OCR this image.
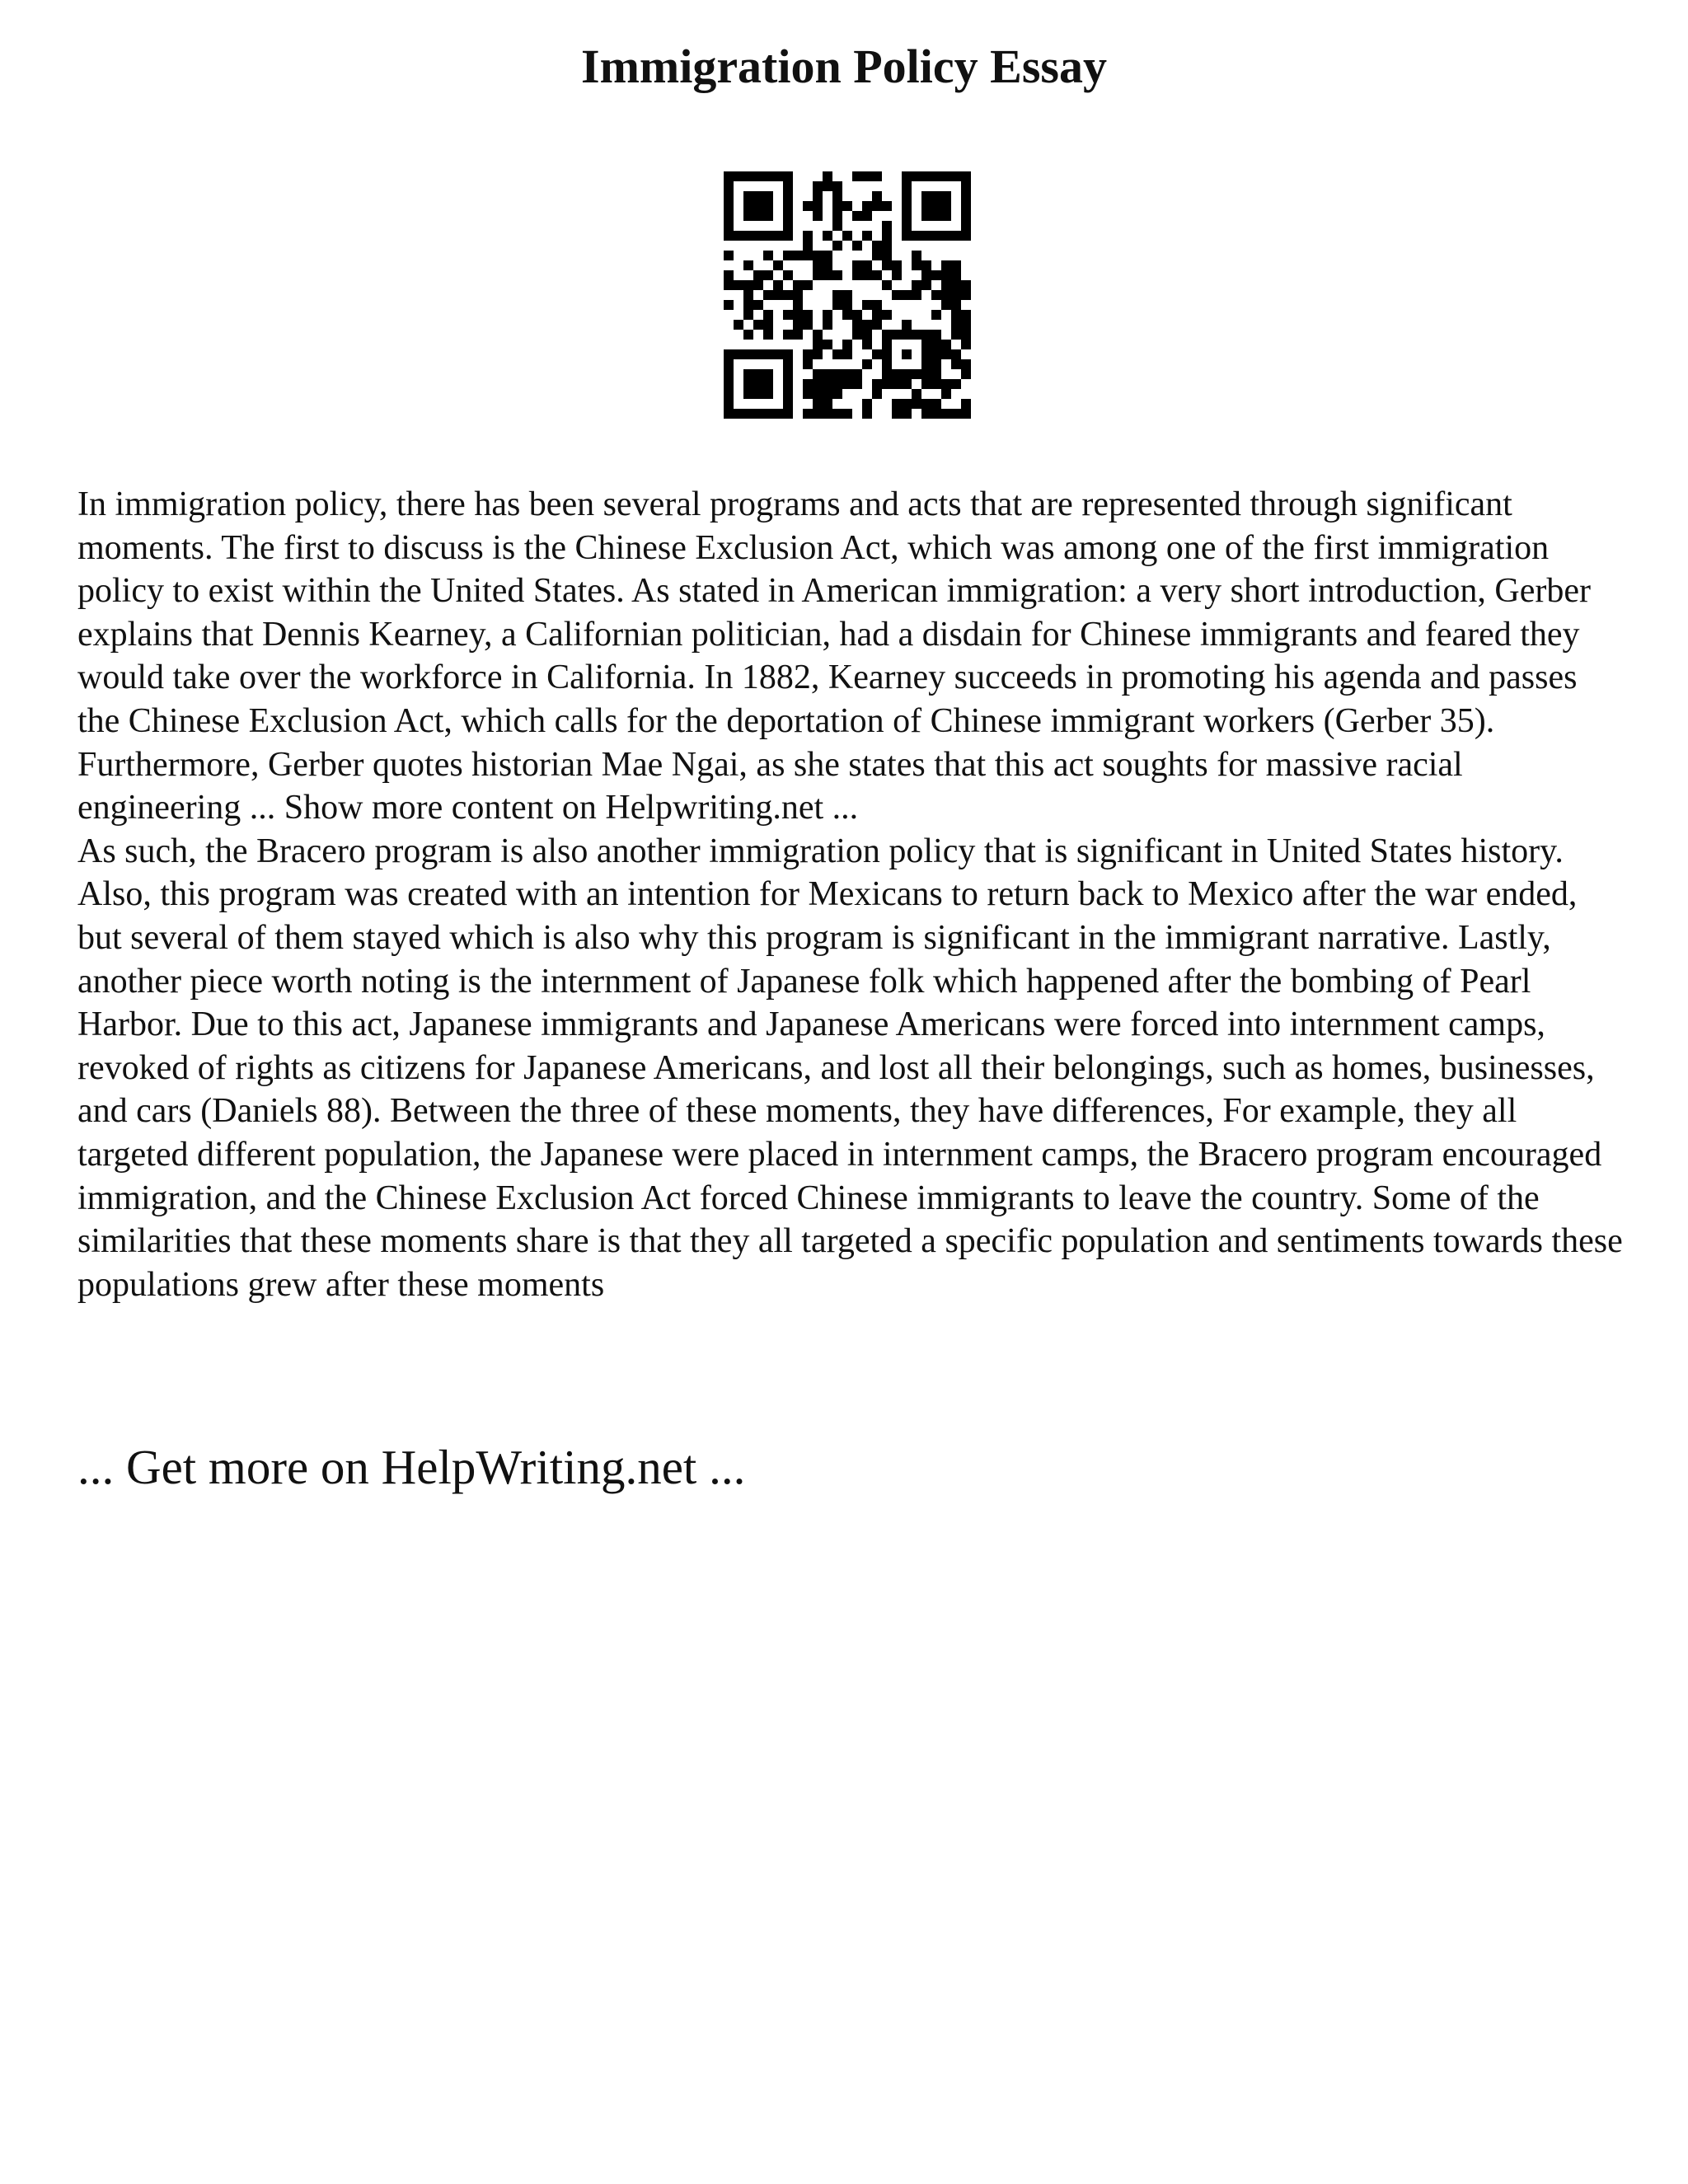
Immigration Policy Essay

In immigration policy, there has been several programs and acts that are represented through significant moments. The first to discuss is the Chinese Exclusion Act, which was among one of the first immigration policy to exist within the United States. As stated in American immigration: a very short introduction, Gerber explains that Dennis Kearney, a Californian politician, had a disdain for Chinese immigrants and feared they would take over the workforce in California. In 1882, Kearney succeeds in promoting his agenda and passes the Chinese Exclusion Act, which calls for the deportation of Chinese immigrant workers (Gerber 35). Furthermore, Gerber quotes historian Mae Ngai, as she states that this act soughts for massive racial engineering ... Show more content on Helpwriting.net ...

As such, the Bracero program is also another immigration policy that is significant in United States history. Also, this program was created with an intention for Mexicans to return back to Mexico after the war ended, but several of them stayed which is also why this program is significant in the immigrant narrative. Lastly, another piece worth noting is the internment of Japanese folk which happened after the bombing of Pearl Harbor. Due to this act, Japanese immigrants and Japanese Americans were forced into internment camps, revoked of rights as citizens for Japanese Americans, and lost all their belongings, such as homes, businesses, and cars (Daniels 88). Between the three of these moments, they have differences, For example, they all targeted different population, the Japanese were placed in internment camps, the Bracero program encouraged immigration, and the Chinese Exclusion Act forced Chinese immigrants to leave the country. Some of the similarities that these moments share is that they all targeted a specific population and sentiments towards these populations grew after these moments

... Get more on HelpWriting.net ...
